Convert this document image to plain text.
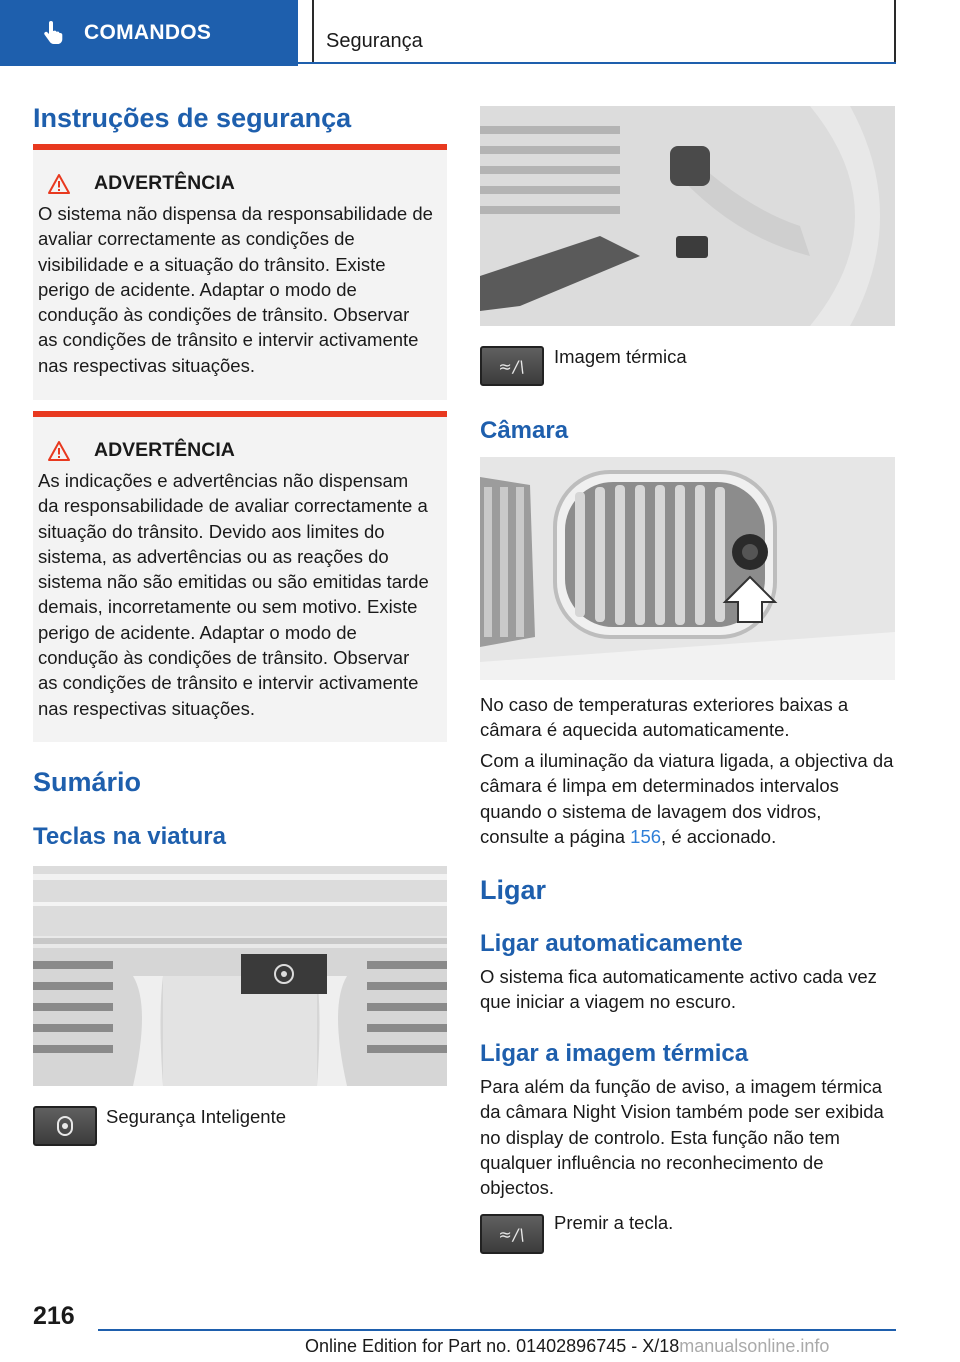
COMANDOS	Segurança
Instruções de segurança
ADVERTÊNCIA
O sistema não dispensa da responsabilidade de avaliar correctamente as condições de visibilidade e a situação do trânsito. Existe perigo de acidente. Adaptar o modo de condução às condições de trânsito. Observar as condições de trânsito e intervir activamente nas respectivas situações.
ADVERTÊNCIA
As indicações e advertências não dispensam da responsabilidade de avaliar correctamente a situação do trânsito. Devido aos limites do sistema, as advertências ou as reações do sistema não são emitidas ou são emitidas tarde demais, incorretamente ou sem motivo. Existe perigo de acidente. Adaptar o modo de condução às condições de trânsito. Observar as condições de trânsito e intervir activamente nas respectivas situações.
Sumário
Teclas na viatura
Segurança Inteligente
≈/\ Imagem térmica
Câmara
No caso de temperaturas exteriores baixas a câmara é aquecida automaticamente.
Com a iluminação da viatura ligada, a objectiva da câmara é limpa em determinados intervalos quando o sistema de lavagem dos vidros, consulte a página 156, é accionado.
Ligar
Ligar automaticamente
O sistema fica automaticamente activo cada vez que iniciar a viagem no escuro.
Ligar a imagem térmica
Para além da função de aviso, a imagem térmica da câmara Night Vision também pode ser exibida no display de controlo. Esta função não tem qualquer influência no reconhecimento de objectos.
≈/\
Premir a tecla.
216
Online Edition for Part no. 01402896745 - X/18manualsonline.info
